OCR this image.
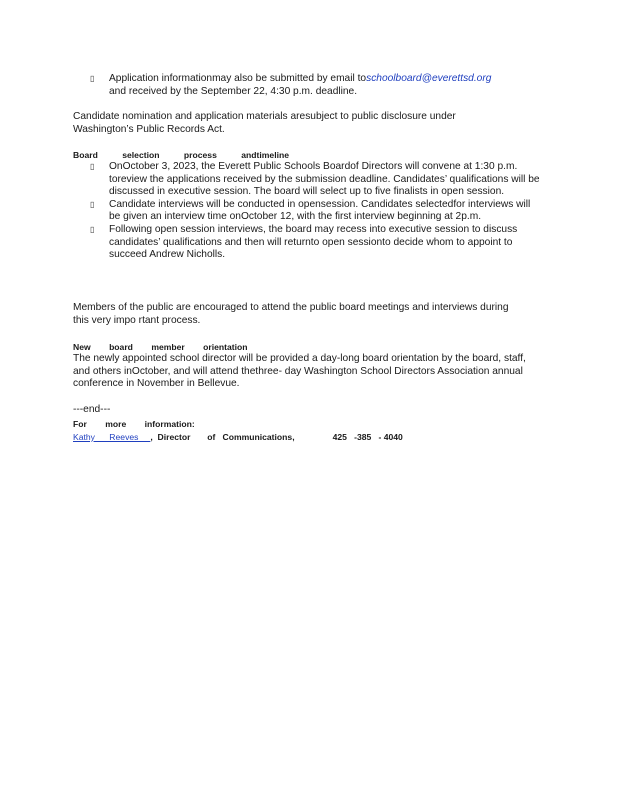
▯ Application informationmay also be submitted by email toschoolboard@everettsd.org
and received by the September 22, 4:30 p.m. deadline.
Candidate nomination and application materials aresubject to public disclosure under Washington’s Public Records Act.
Board	selection	process	andtimeline
▯ OnOctober 3, 2023, the Everett Public Schools Boardof Directors will convene at 1:30 p.m. toreview the applications received by the submission deadline. Candidates’ qualifications will be discussed in executive session. The board will select up to five finalists in open session.
▯ Candidate interviews will be conducted in opensession. Candidates selectedfor interviews will be given an interview time onOctober 12, with the first interview beginning at 2p.m.
▯ Following open session interviews, the board may recess into executive session to discuss candidates’ qualifications and then will returnto open sessionto decide whom to appoint to succeed Andrew Nicholls.
Members of the public are encouraged to attend the public board meetings and interviews during this very impo rtant process.
New board member orientation
The newly appointed school director will be provided a day-long board orientation by the board, staff, and others inOctober, and will attend thethree- day Washington School Directors Association annual conference in November in Bellevue.
---end---
For more information:
Kathy      Reeves     ,  Director       of   Communications,	425   -385   - 4040
